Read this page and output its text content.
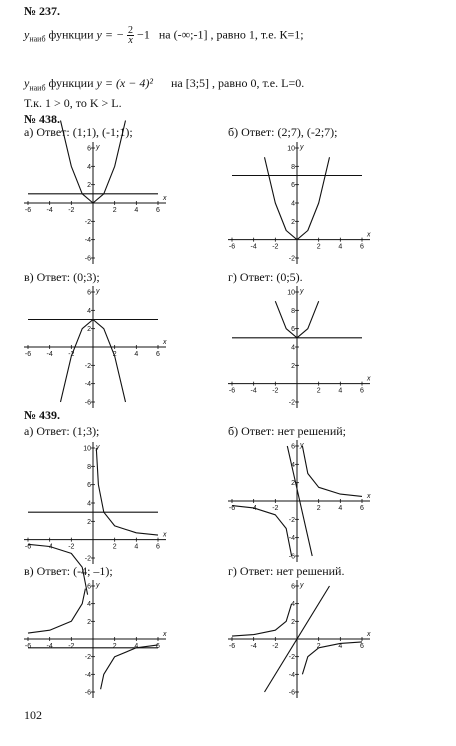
№ 237.
$y_{наиб}$ функции y = − $\frac{2}{x} -1$ на (-∞;-1] , равно 1, т.е. К=1;
$y_{наиб}$ функции y = (x − 4)² на [3;5] , равно 0, т.е. L=0.
Т.к. 1 > 0, то K > L.
№ 438.
а) Ответ: (1;1), (-1;1);	б) Ответ: (2;7), (-2;7);
x
y
-6 -4 -2	2	4	6
6
4
2
-2
-4
-6
x
y
-6 -4 -2	2	4	6
10
8
6
4
2
-2
в) Ответ: (0;3);	г) Ответ: (0;5).
x
y
-6 -4 -2	2	4	6
6
4
2
-2
-4
-6
x
y
-6 -4 -2	2	4	6
10
8
6
4
2
-2
№ 439.
а) Ответ: (1;3);	б) Ответ: нет решений;
x
y
-6 -4 -2	2	4	6
10
8
6
4
2
-2
x
y
-6 -4 -2	2	4	6
6
4
2
-2
-4
-6
в) Ответ: (-4; –1);	г) Ответ: нет решений.
x
y
-6 -4 -2	2	4	6
6
4
2
-2
-4
-6
x
y
-6 -4 -2	2	4	6
6
4
2
-2
-4
-6
102
